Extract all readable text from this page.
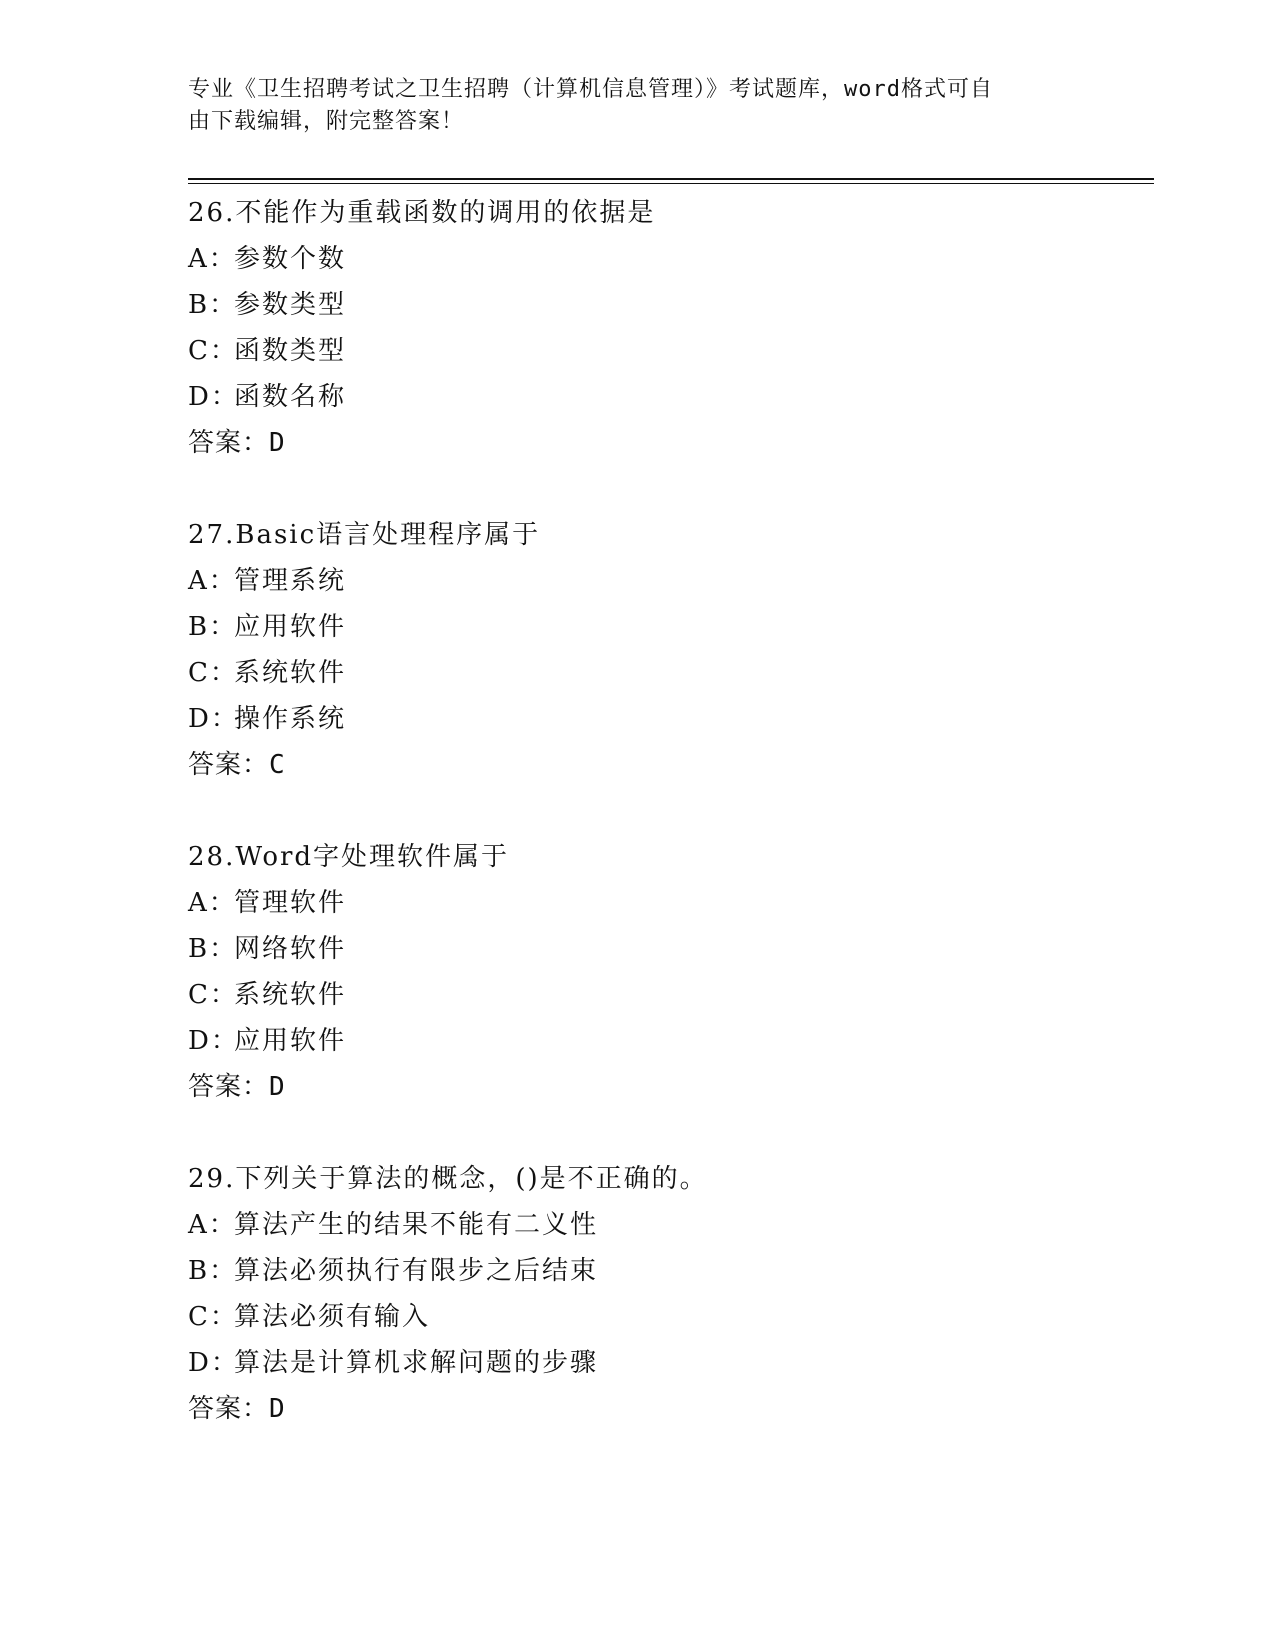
专业《卫生招聘考试之卫生招聘（计算机信息管理）》考试题库，word格式可自
由下载编辑，附完整答案！
26.不能作为重载函数的调用的依据是
A：参数个数
B：参数类型
C：函数类型
D：函数名称
答案：D
27.Basic语言处理程序属于
A：管理系统
B：应用软件
C：系统软件
D：操作系统
答案：C
28.Word字处理软件属于
A：管理软件
B：网络软件
C：系统软件
D：应用软件
答案：D
29.下列关于算法的概念，()是不正确的。
A：算法产生的结果不能有二义性
B：算法必须执行有限步之后结束
C：算法必须有输入
D：算法是计算机求解问题的步骤
答案：D
